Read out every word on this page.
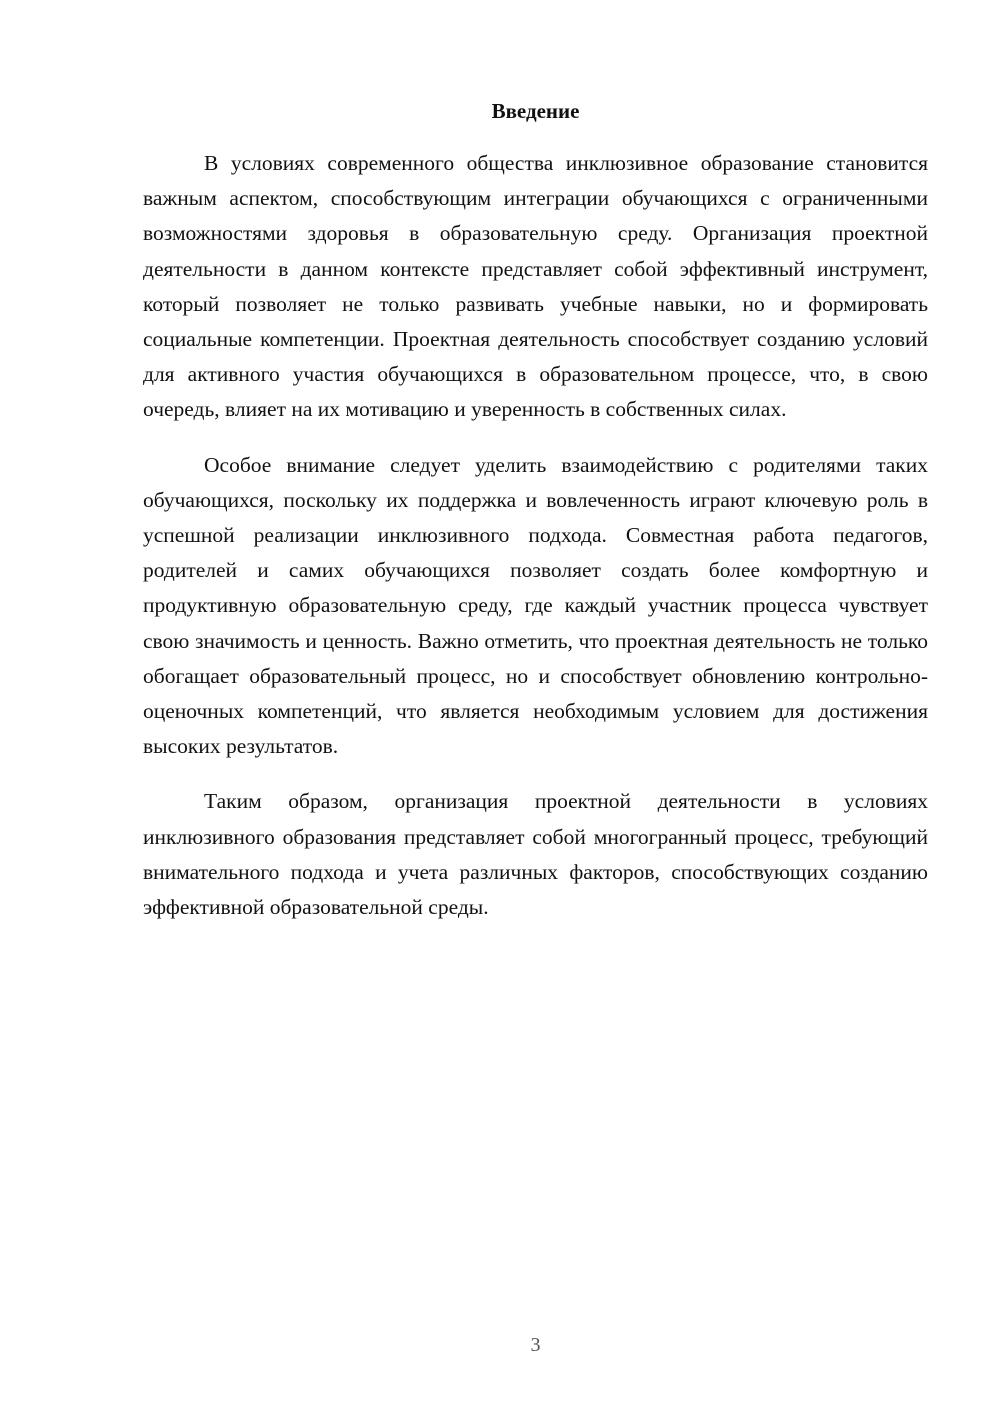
Введение

В условиях современного общества инклюзивное образование становится важным аспектом, способствующим интеграции обучающихся с ограниченными возможностями здоровья в образовательную среду. Организация проектной деятельности в данном контексте представляет собой эффективный инструмент, который позволяет не только развивать учебные навыки, но и формировать социальные компетенции. Проектная деятельность способствует созданию условий для активного участия обучающихся в образовательном процессе, что, в свою очередь, влияет на их мотивацию и уверенность в собственных силах.

Особое внимание следует уделить взаимодействию с родителями таких обучающихся, поскольку их поддержка и вовлеченность играют ключевую роль в успешной реализации инклюзивного подхода. Совместная работа педагогов, родителей и самих обучающихся позволяет создать более комфортную и продуктивную образовательную среду, где каждый участник процесса чувствует свою значимость и ценность. Важно отметить, что проектная деятельность не только обогащает образовательный процесс, но и способствует обновлению контрольно-оценочных компетенций, что является необходимым условием для достижения высоких результатов.

Таким образом, организация проектной деятельности в условиях инклюзивного образования представляет собой многогранный процесс, требующий внимательного подхода и учета различных факторов, способствующих созданию эффективной образовательной среды.

3
